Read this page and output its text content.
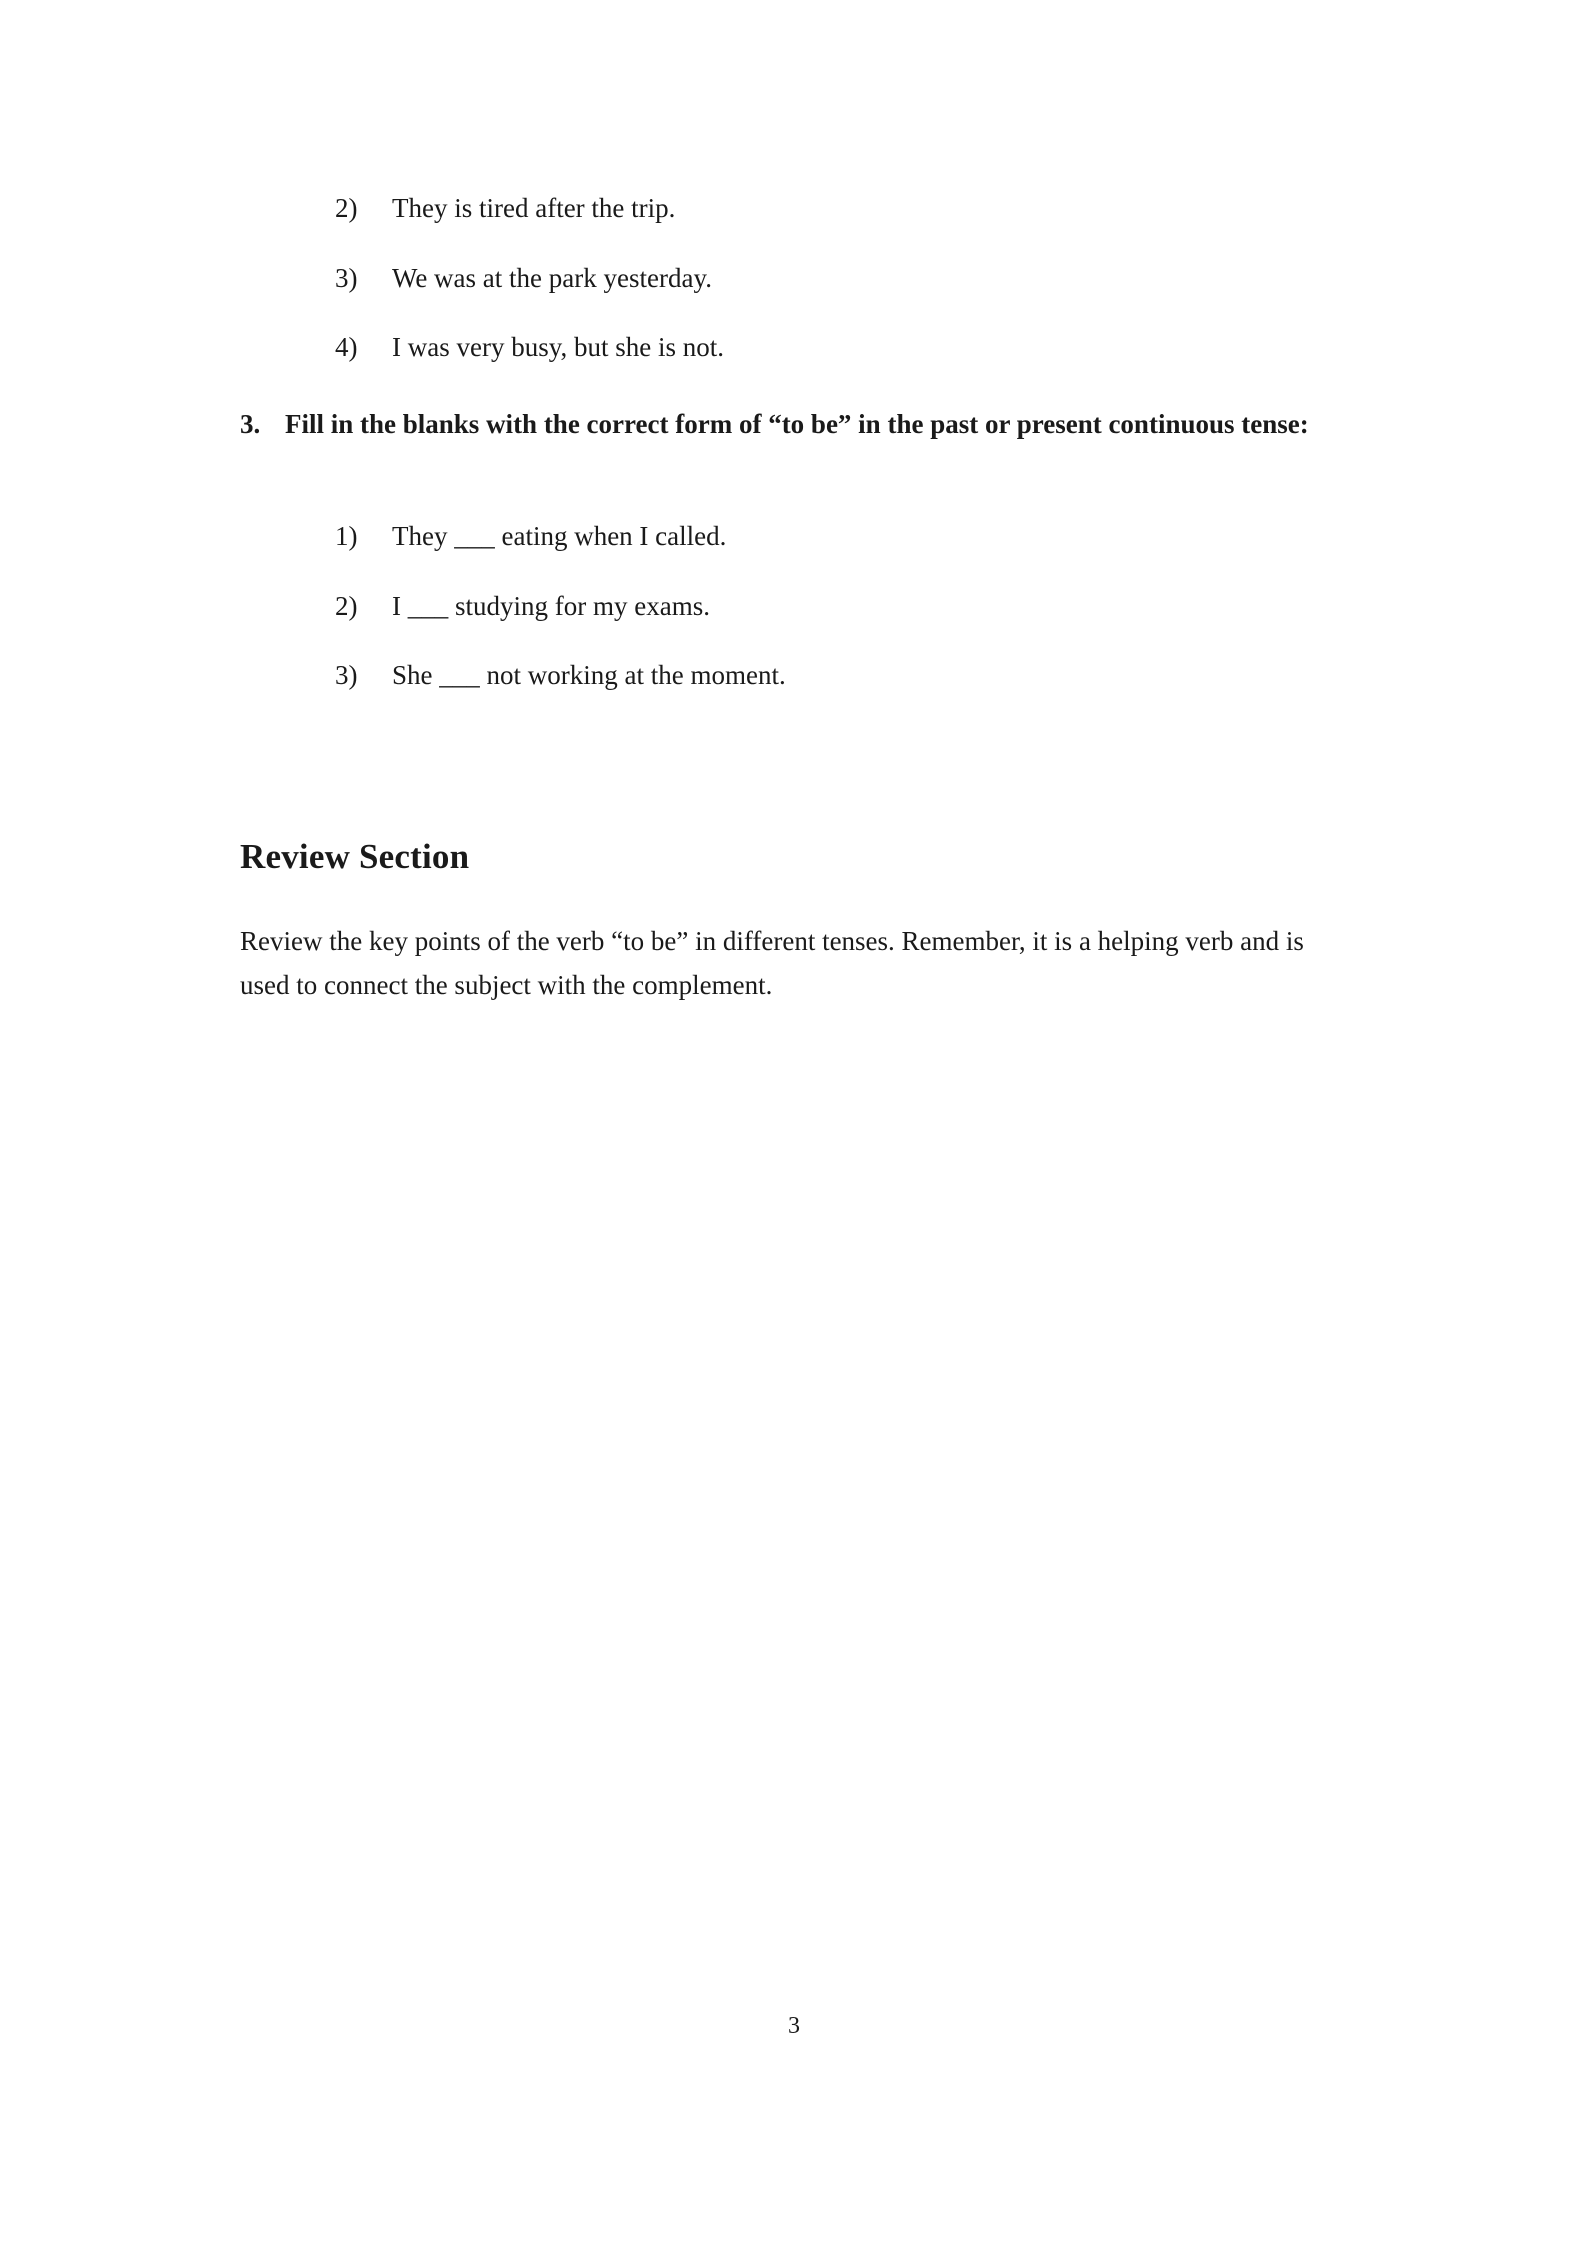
2)	They is tired after the trip.
3)	We was at the park yesterday.
4)	I was very busy, but she is not.
3. Fill in the blanks with the correct form of “to be” in the past or present continuous tense:
1)	They ___ eating when I called.
2)	I ___ studying for my exams.
3)	She ___ not working at the moment.
Review Section

Review the key points of the verb “to be” in different tenses. Remember, it is a helping verb and is used to connect the subject with the complement.

3
